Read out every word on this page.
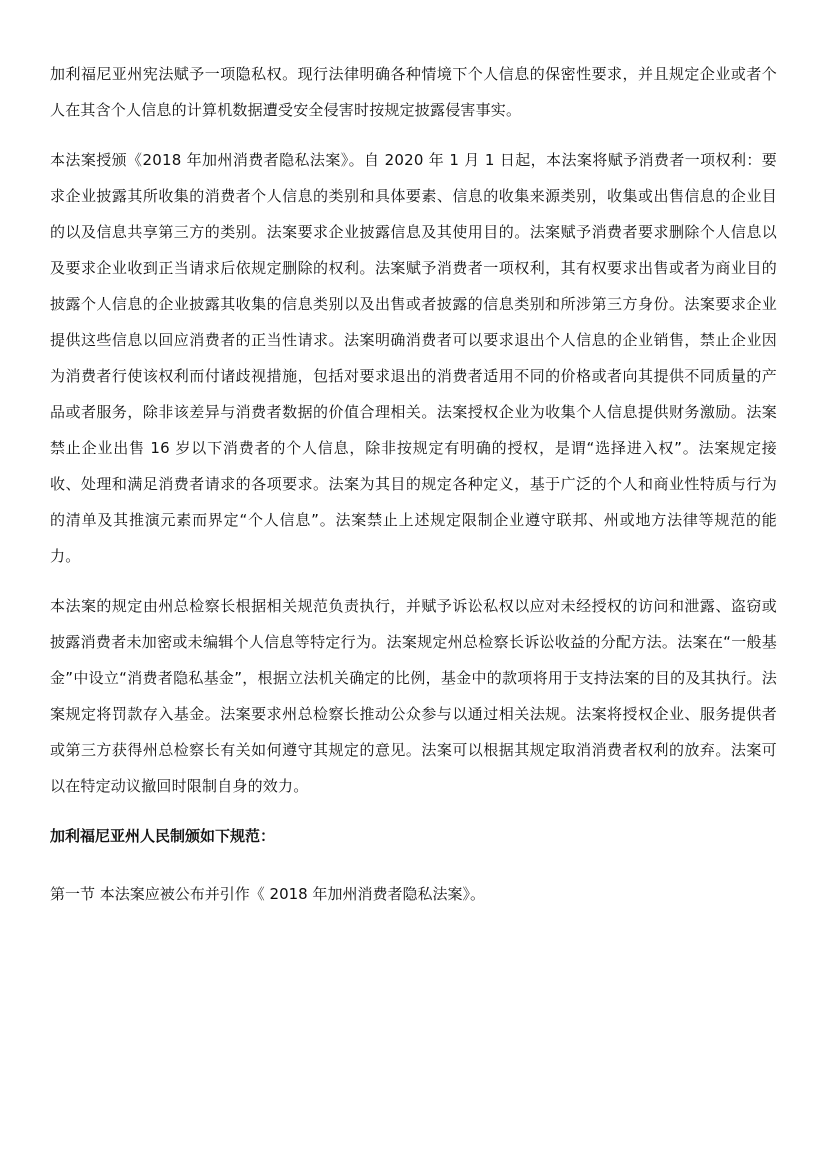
加利福尼亚州宪法赋予一项隐私权。现行法律明确各种情境下个人信息的保密性要求，并且规定企业或者个人在其含个人信息的计算机数据遭受安全侵害时按规定披露侵害事实。

本法案授颁《2018 年加州消费者隐私法案》。自 2020 年 1 月 1 日起，本法案将赋予消费者一项权利：要求企业披露其所收集的消费者个人信息的类别和具体要素、信息的收集来源类别，收集或出售信息的企业目的以及信息共享第三方的类别。法案要求企业披露信息及其使用目的。法案赋予消费者要求删除个人信息以及要求企业收到正当请求后依规定删除的权利。法案赋予消费者一项权利，其有权要求出售或者为商业目的披露个人信息的企业披露其收集的信息类别以及出售或者披露的信息类别和所涉第三方身份。法案要求企业提供这些信息以回应消费者的正当性请求。法案明确消费者可以要求退出个人信息的企业销售，禁止企业因为消费者行使该权利而付诸歧视措施，包括对要求退出的消费者适用不同的价格或者向其提供不同质量的产品或者服务，除非该差异与消费者数据的价值合理相关。法案授权企业为收集个人信息提供财务激励。法案禁止企业出售 16 岁以下消费者的个人信息，除非按规定有明确的授权，是谓“选择进入权”。法案规定接收、处理和满足消费者请求的各项要求。法案为其目的规定各种定义，基于广泛的个人和商业性特质与行为的清单及其推演元素而界定“个人信息”。法案禁止上述规定限制企业遵守联邦、州或地方法律等规范的能力。

本法案的规定由州总检察长根据相关规范负责执行，并赋予诉讼私权以应对未经授权的访问和泄露、盗窃或披露消费者未加密或未编辑个人信息等特定行为。法案规定州总检察长诉讼收益的分配方法。法案在“一般基金”中设立“消费者隐私基金”，根据立法机关确定的比例，基金中的款项将用于支持法案的目的及其执行。法案规定将罚款存入基金。法案要求州总检察长推动公众参与以通过相关法规。法案将授权企业、服务提供者或第三方获得州总检察长有关如何遵守其规定的意见。法案可以根据其规定取消消费者权利的放弃。法案可以在特定动议撤回时限制自身的效力。

加利福尼亚州人民制颁如下规范：

第一节 本法案应被公布并引作《 2018 年加州消费者隐私法案》。
